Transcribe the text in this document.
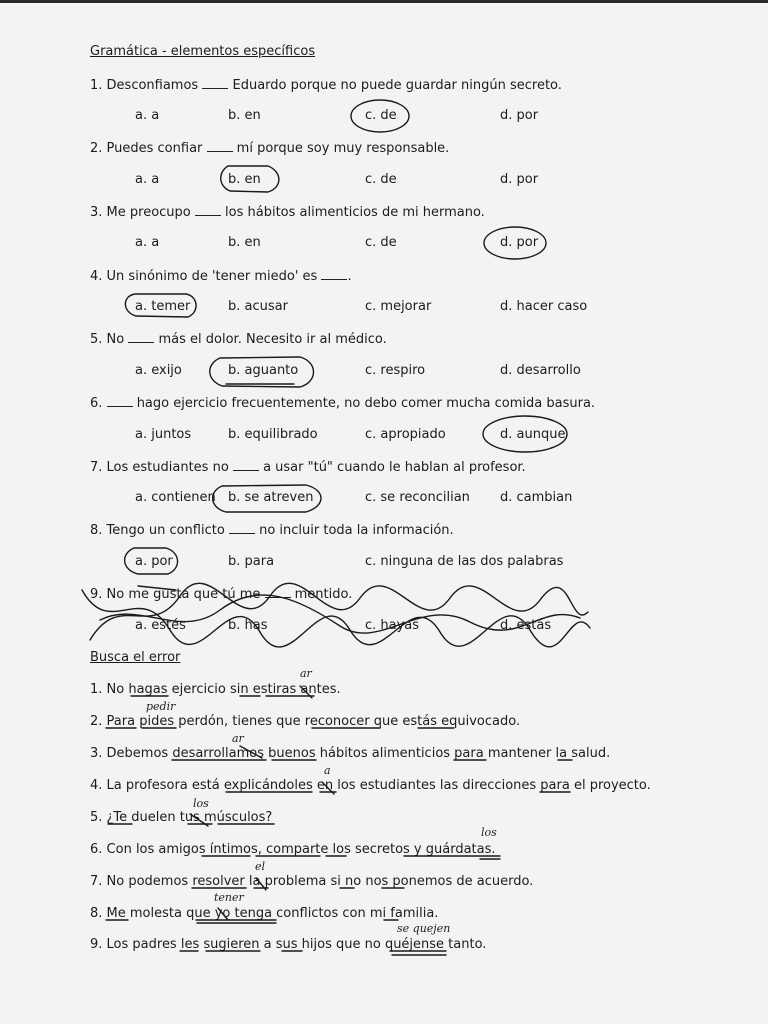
Gramática - elementos específicos
1. Desconfiamos	Eduardo porque no puede guardar ningún secreto.
a. a	b. en	c. de	d. por
2. Puedes confiar	mí porque soy muy responsable.
a. a	b. en	c. de	d. por
3. Me preocupo	los hábitos alimenticios de mi hermano.
a. a	b. en	c. de	d. por
4. Un sinónimo de 'tener miedo' es .
a. temer	b. acusar	c. mejorar	d. hacer caso
5. No	más el dolor. Necesito ir al médico.
a. exijo	b. aguanto	c. respiro	d. desarrollo
6.	hago ejercicio frecuentemente, no debo comer mucha comida basura.
a. juntos	b. equilibrado	c. apropiado	d. aunque
7. Los estudiantes no	a usar "tú" cuando le hablan al profesor.
a. contienen b. se atreven	c. se reconcilian d. cambian
8. Tengo un conflicto	no incluir toda la información.
a. por	b. para	c. ninguna de las dos palabras
9. No me gusta que tú me	mentido.
a. estés	b. has	c. hayas	d. estás
Busca el error
1. No hagas ejercicio sin estiras antes.
2. Para pides perdón, tienes que reconocer que estás equivocado.
3. Debemos desarrollamos buenos hábitos alimenticios para mantener la salud.
4. La profesora está explicándoles en los estudiantes las direcciones para el proyecto.
5. ¿Te duelen tus músculos?
6. Con los amigos íntimos, comparte los secretos y guárdatas.
7. No podemos resolver la problema si no nos ponemos de acuerdo.
8. Me molesta que yo tenga conflictos con mi familia.
9. Los padres les sugieren a sus hijos que no quéjense tanto.
ar
pedir
ar
a
los
los
el
tener
se quejen
